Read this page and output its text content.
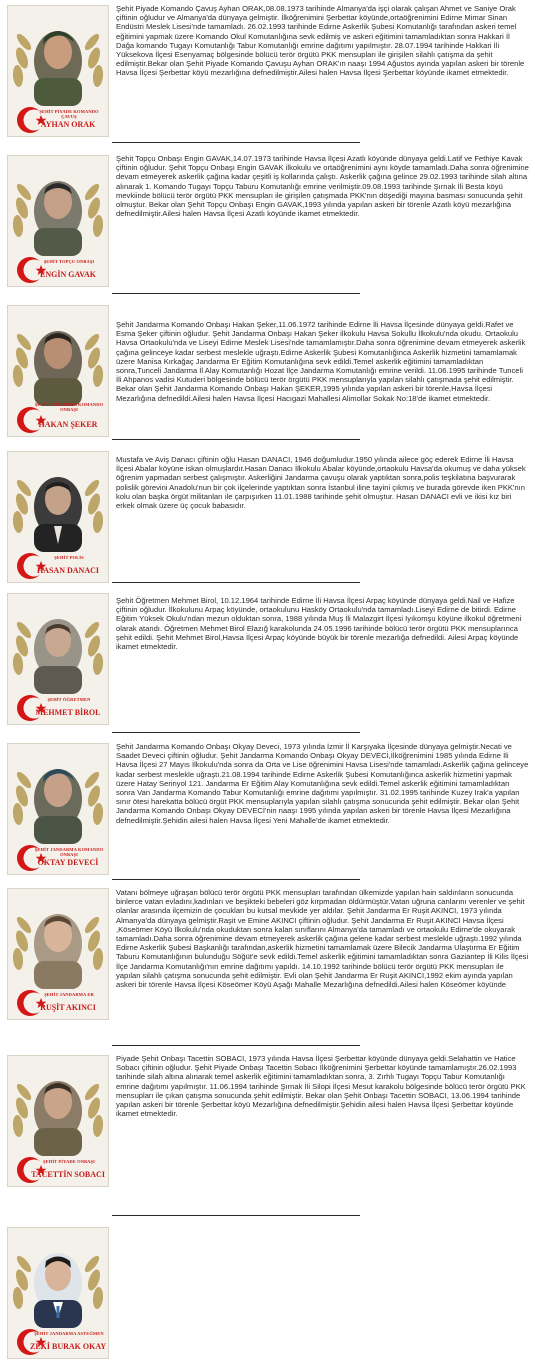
ŞEHİT PİYADE KOMANDO ÇAVUŞ
AYHAN ORAK

Şehit Piyade Komando Çavuş Ayhan ORAK,08.08.1973 tarihinde Almanya'da işçi olarak çalışan Ahmet ve Saniye Orak çiftinin oğludur ve Almanya'da dünyaya gelmiştir. İlköğrenimini Şerbettar köyünde,ortaöğrenimini Edirne Mimar Sinan Endüstri Meslek Lisesi'nde tamamladı. 26.02.1993 tarihinde Edirne Askerlik Şubesi Komutanlığı tarafından askeri temel eğitimini yapmak üzere Komando Okul Komutanlığına sevk edilmiş ve askeri eğitimini tamamladıktan sonra Hakkari İl Dağa komando Tugayı Komutanlığı Tabur Komutanlığı emrine dağıtımı yapılmıştır. 28.07.1994 tarihinde Hakkari İli Yüksekova İlçesi Esenyamaç bölgesinde bölücü terör örgütü PKK mensupları ile girişilen silahlı çatışma da şehit edilmiştir.Bekar olan Şehit Piyade Komando Çavuşu Ayhan ORAK'ın naaşı 1994 Ağustos ayında yapılan askeri bir törenle Havsa İlçesi Şerbettar köyü mezarlığına defnedilmiştir.Ailesi halen Havsa İlçesi Şerbettar köyünde ikamet etmektedir.

ŞEHİT TOPÇU ONBAŞI
ENGİN GAVAK

Şehit Topçu Onbaşı Engin GAVAK,14.07.1973 tarihinde Havsa İlçesi Azatlı köyünde dünyaya geldi.Latif ve Fethiye Kavak çiftinin oğludur. Şehit Topçu Onbaşı Engin GAVAK ilkokulu ve ortaöğrenimini aynı köyde tamamladı.Daha sonra öğrenimine devam etmeyerek askerlik çağına kadar çeşitli iş kollarında çalıştı. Askerlik çağına gelince 29.02.1993 tarihinde silah altına alınarak 1. Komando Tugayı Topçu Taburu Komutanlığı emrine verilmiştir.09.08.1993 tarihinde Şırnak İli Besta köyü mevkiinde bölücü terör örgütü PKK mensupları ile girişilen çatışmada PKK'nın döşediği mayına basması sonucunda şehit olmuştur. Bekar olan Şehit Topçu Onbaşı Engin GAVAK,1993 yılında yapılan askeri bir törenle Azatlı köyü mezarlığına defnedilmiştir.Ailesi halen Havsa İlçesi Azatlı köyünde ikamet etmektedir.

ŞEHİT JANDARMA KOMANDO ONBAŞI
HAKAN ŞEKER

Şehit Jandarma Komando Onbaşı Hakan Şeker,11.06.1972 tarihinde Edirne İli Havsa İlçesinde dünyaya geldi.Rafet ve Esma Şeker çiftinin oğludur. Şehit Jandarma Onbaşı Hakan Şeker ilkokulu Havsa Sokullu İlkokulu'nda okudu. Ortaokulu Havsa Ortaokulu'nda ve Liseyi Edirne Meslek Lisesi'nde tamamlamıştır.Daha sonra öğrenimine devam etmeyerek askerlik çağına gelinceye kadar serbest meslekle uğraştı.Edirne Askerlik Şubesi Komutanlığınca Askerlik hizmetini tamamlamak üzere Manisa Kırkağaç Jandarma Er Eğitim Komutanlığına sevk edildi.Temel askerlik eğitimini tamamladıktan sonra,Tunceli Jandarma İl Alay Komutanlığı Hozat İlçe Jandarma Komutanlığı emrine verildi. 11.06.1995 tarihinde Tunceli İli Ahpanos vadisi Kutuderi bölgesinde bölücü terör örgütü PKK mensuplarıyla yapılan silahlı çatışmada şehit edilmiştir. Bekar olan Şehit Jandarma Komando Onbaşı Hakan ŞEKER,1995 yılında yapılan askeri bir törenle,Havsa İlçesi Mezarlığına defnedildi.Ailesi halen Havsa İlçesi Hacıgazi Mahallesi Alimollar Sokak No:18'de ikamet etmektedir.

ŞEHİT POLİS
HASAN DANACI

Mustafa ve Aviş Danacı çiftinin oğlu Hasan DANACI, 1946 doğumludur.1950 yılında ailece göç ederek Edirne İli Havsa İlçesi Abalar köyüne iskan olmuşlardır.Hasan Danacı İlkokulu Abalar köyünde,ortaokulu Havsa'da okumuş ve daha yüksek öğrenim yapmadan serbest çalışmıştır. Askerliğini Jandarma çavuşu olarak yaptıktan sonra,polis teşkilatına başvurarak polislik görevini Anadolu'nun bir çok ilçelerinde yaptıktan sonra İstanbul iline tayini çıkmış ve burada görevde iken PKK'nın kolu olan başka örgüt militanları ile çarpışırken 11.01.1988 tarihinde şehit olmuştur. Hasan DANACI evli ve ikisi kız biri erkek olmak üzere üç çocuk babasıdır.

ŞEHİT ÖĞRETMEN
MEHMET BİROL

Şehit Öğretmen Mehmet Birol, 10.12.1964 tarihinde Edirne İli Havsa İlçesi Arpaç köyünde dünyaya geldi.Nail ve Hafize çiftinin oğludur. İlkokulunu Arpaç köyünde, ortaokulunu Hasköy Ortaokulu'nda tamamladı.Liseyi Edirne de bitirdi. Edirne Eğitim Yüksek Okulu'ndan mezun olduktan sonra, 1988 yılında Muş İli Malazgirt İlçesi Iyıkomşu köyüne ilkokul öğretmeni olarak atandı. Öğretmen Mehmet Birol Elazığ karakolunda 24.05.1996 tarihinde bölücü terör örgütü PKK mensuplarınca şehit edildi. Şehit Mehmet Birol,Havsa İlçesi Arpaç köyünde büyük bir törenle mezarlığa defnedildi. Ailesi Arpaç köyünde ikamet etmektedir.

ŞEHİT JANDARMA KOMANDO ONBAŞI
OKTAY DEVECİ

Şehit Jandarma Komando Onbaşı Okyay Deveci, 1973 yılında İzmir İl Karşıyaka İlçesinde dünyaya gelmiştir.Necati ve Saadet Deveci çiftinin oğludur. Şehit Jandarma Komando Onbaşı Okyay DEVECİ,İlköğrenimini 1985 yılında Edirne İli Havsa İlçesi 27 Mayıs İlkokulu'nda sonra da Orta ve Lise öğrenimini Havsa Lisesi'nde tamamladı.Askerlik çağına gelinceye kadar serbest meslekle uğraştı.21.08.1994 tarihinde Edirne Askerlik Şubesi Komutanlığınca askerlik hizmetini yapmak üzere Hatay Serinyol 121. Jandarma Er Eğitim Alay Komutanlığına sevk edildi.Temel askerlik eğitimini tamamladıktan sonra Van Jandarma Komando Tabur Komutanlığı emrine dağıtımı yapılmıştır. 31.02.1995 tarihinde Kuzey Irak'a yapılan sınır ötesi harekatta bölücü örgüt PKK mensuplarıyla yapılan silahlı çatışma sonucunda şehit edilmiştir. Bekar olan Şehit Jandarma Komando Onbaşı Okyay DEVECİ'nin naaşı 1995 yılında yapılan askeri bir törenle Havsa İlçesi Mezarlığına defnedilmiştir.Şehidin ailesi halen Havsa İlçesi Yeni Mahalle'de ikamet etmektedir.

ŞEHİT JANDARMA ER
RUŞİT AKINCI

Vatanı bölmeye uğraşan bölücü terör örgütü PKK mensupları tarafından ülkemizde yapılan hain saldırıların sonucunda binlerce vatan evladını,kadınları ve beşikteki bebeleri göz kırpmadan öldürmüştür.Vatan uğruna canlarını verenler ve şehit olanlar arasında ilçemizin de çocukları bu kutsal mevkide yer aldılar. Şehit Jandarma Er Ruşit AKINCI, 1973 yılında Almanya'da dünyaya gelmiştir.Raşit ve Emine AKINCI çiftinin oğludur. Şehit Jandarma Er Ruşit AKINCI Havsa İlçesi ,Köseömer Köyü İlkokulu'nda okuduktan sonra kalan sınıflarını Almanya'da tamamladı ve ortaokulu Edirne'de okuyarak tamamladı.Daha sonra öğrenimine devam etmeyerek askerlik çağına gelene kadar serbest meslekle uğraştı.1992 yılında Edirne Askerlik Şubesi Başkanlığı tarafından,askerlik hizmetini tamamlamak üzere Bilecik Jandarma Ulaştırma Er Eğitim Taburu Komutanlığının bulunduğu Söğüt'e sevk edildi.Temel askerlik eğitimini tamamladıktan sonra Gaziantep İli Kilis İlçesi İlçe Jandarma Komutanlığı'nın emrine dağıtımı yapıldı. 14.10.1992 tarihinde bölücü terör örgütü PKK mensupları ile yapılan silahlı çatışma sonucunda şehit edilmiştir. Evli olan Şehit Jandarma Er Ruşit AKINCI,1992 ekim ayında yapılan askeri bir törenle Havsa İlçesi Köseömer Köyü Aşağı Mahalle Mezarlığına defnedildi.Ailesi halen Köseömer köyünde

ŞEHİT PİYADE ONBAŞI
TACETTİN SOBACI

Piyade Şehit Onbaşı Tacettin SOBACI, 1973 yılında Havsa İlçesi Şerbettar köyünde dünyaya geldi.Selahattin ve Hatice Sobacı çiftinin oğludur. Şehit Piyade Onbaşı Tacettin Sobacı İlköğrenimini Şerbettar köyünde tamamlamıştır.26.02.1993 tarihinde silah altına alınarak temel askerlik eğitimini tamamladıktan sonra, 3. Zırhlı Tugayı Topçu Tabur Komutanlığı emrine dağıtımı yapılmıştır. 11.06.1994 tarihinde Şırnak İli Silopi İlçesi Mesut karakolu bölgesinde bölücü terör örgütü PKK mensupları ile çıkan çatışma sonucunda şehit edilmiştir. Bekar olan Şehit Onbaşı Tacettin SOBACI, 13.06.1994 tarihinde yapılan askeri bir törenle Şerbettar köyü Mezarlığına defnedilmiştir.Şehidin ailesi halen Havsa İlçesi Şerbettar köyünde ikamet etmektedir.

ŞEHİT JANDARMA ASTEĞMEN
ZEKİ BURAK OKAY
